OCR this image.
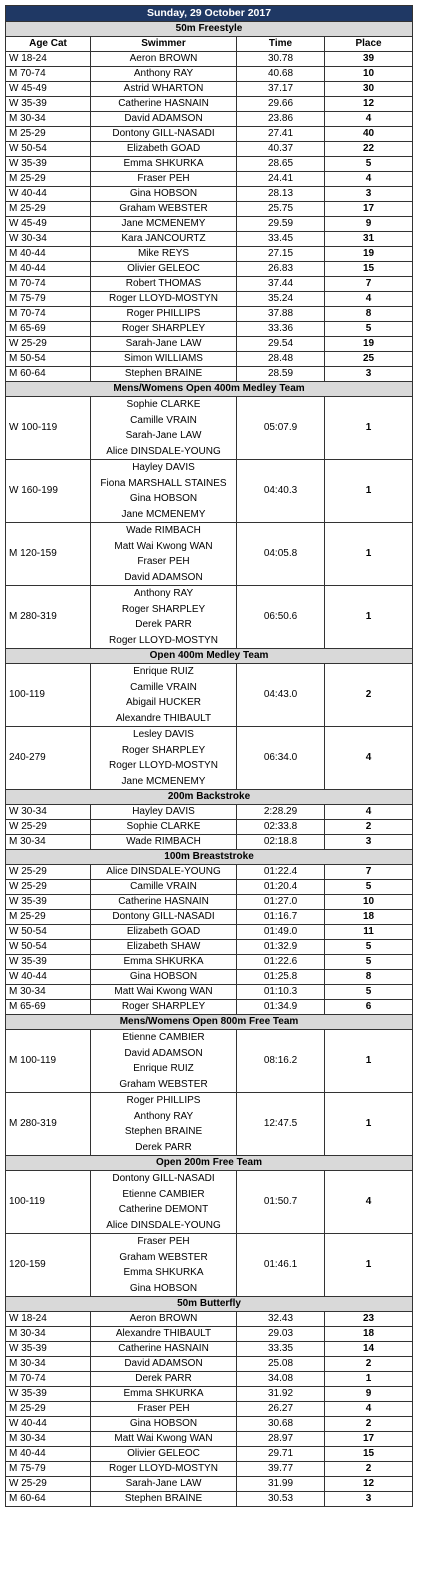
Sunday, 29 October 2017			
50m Freestyle			
Age Cat	Swimmer	Time	Place
W 18-24	Aeron BROWN	30.78	39
M 70-74	Anthony RAY	40.68	10
W 45-49	Astrid WHARTON	37.17	30
W 35-39	Catherine HASNAIN	29.66	12
M 30-34	David ADAMSON	23.86	4
M 25-29	Dontony GILL-NASADI	27.41	40
W 50-54	Elizabeth GOAD	40.37	22
W 35-39	Emma SHKURKA	28.65	5
M 25-29	Fraser PEH	24.41	4
W 40-44	Gina HOBSON	28.13	3
M 25-29	Graham WEBSTER	25.75	17
W 45-49	Jane MCMENEMY	29.59	9
W 30-34	Kara JANCOURTZ	33.45	31
M 40-44	Mike REYS	27.15	19
M 40-44	Olivier GELEOC	26.83	15
M 70-74	Robert THOMAS	37.44	7
M 75-79	Roger LLOYD-MOSTYN	35.24	4
M 70-74	Roger PHILLIPS	37.88	8
M 65-69	Roger SHARPLEY	33.36	5
W 25-29	Sarah-Jane LAW	29.54	19
M 50-54	Simon WILLIAMS	28.48	25
M 60-64	Stephen BRAINE	28.59	3
Mens/Womens Open 400m Medley Team			
W 100-119	Sophie CLARKE
Camille VRAIN
Sarah-Jane LAW
Alice DINSDALE-YOUNG	05:07.9	1
W 160-199	Hayley DAVIS
Fiona MARSHALL STAINES
Gina HOBSON
Jane MCMENEMY	04:40.3	1
M 120-159	Wade RIMBACH
Matt Wai Kwong WAN
Fraser PEH
David ADAMSON	04:05.8	1
M 280-319	Anthony RAY
Roger SHARPLEY
Derek PARR
Roger LLOYD-MOSTYN	06:50.6	1
Open 400m Medley Team			
100-119	Enrique RUIZ
Camille VRAIN
Abigail HUCKER
Alexandre THIBAULT	04:43.0	2
240-279	Lesley DAVIS
Roger SHARPLEY
Roger LLOYD-MOSTYN
Jane MCMENEMY	06:34.0	4
200m Backstroke			
W 30-34	Hayley DAVIS	2:28.29	4
W 25-29	Sophie CLARKE	02:33.8	2
M 30-34	Wade RIMBACH	02:18.8	3
100m Breaststroke			
W 25-29	Alice DINSDALE-YOUNG	01:22.4	7
W 25-29	Camille VRAIN	01:20.4	5
W 35-39	Catherine HASNAIN	01:27.0	10
M 25-29	Dontony GILL-NASADI	01:16.7	18
W 50-54	Elizabeth GOAD	01:49.0	11
W 50-54	Elizabeth SHAW	01:32.9	5
W 35-39	Emma SHKURKA	01:22.6	5
W 40-44	Gina HOBSON	01:25.8	8
M 30-34	Matt Wai Kwong WAN	01:10.3	5
M 65-69	Roger SHARPLEY	01:34.9	6
Mens/Womens Open 800m Free Team			
M 100-119	Etienne CAMBIER
David ADAMSON
Enrique RUIZ
Graham WEBSTER	08:16.2	1
M 280-319	Roger PHILLIPS
Anthony RAY
Stephen BRAINE
Derek PARR	12:47.5	1
Open 200m Free Team			
100-119	Dontony GILL-NASADI
Etienne CAMBIER
Catherine DEMONT
Alice DINSDALE-YOUNG	01:50.7	4
120-159	Fraser PEH
Graham WEBSTER
Emma SHKURKA
Gina HOBSON	01:46.1	1
50m Butterfly			
W 18-24	Aeron BROWN	32.43	23
M 30-34	Alexandre THIBAULT	29.03	18
W 35-39	Catherine HASNAIN	33.35	14
M 30-34	David ADAMSON	25.08	2
M 70-74	Derek PARR	34.08	1
W 35-39	Emma SHKURKA	31.92	9
M 25-29	Fraser PEH	26.27	4
W 40-44	Gina HOBSON	30.68	2
M 30-34	Matt Wai Kwong WAN	28.97	17
M 40-44	Olivier GELEOC	29.71	15
M 75-79	Roger LLOYD-MOSTYN	39.77	2
W 25-29	Sarah-Jane LAW	31.99	12
M 60-64	Stephen BRAINE	30.53	3
